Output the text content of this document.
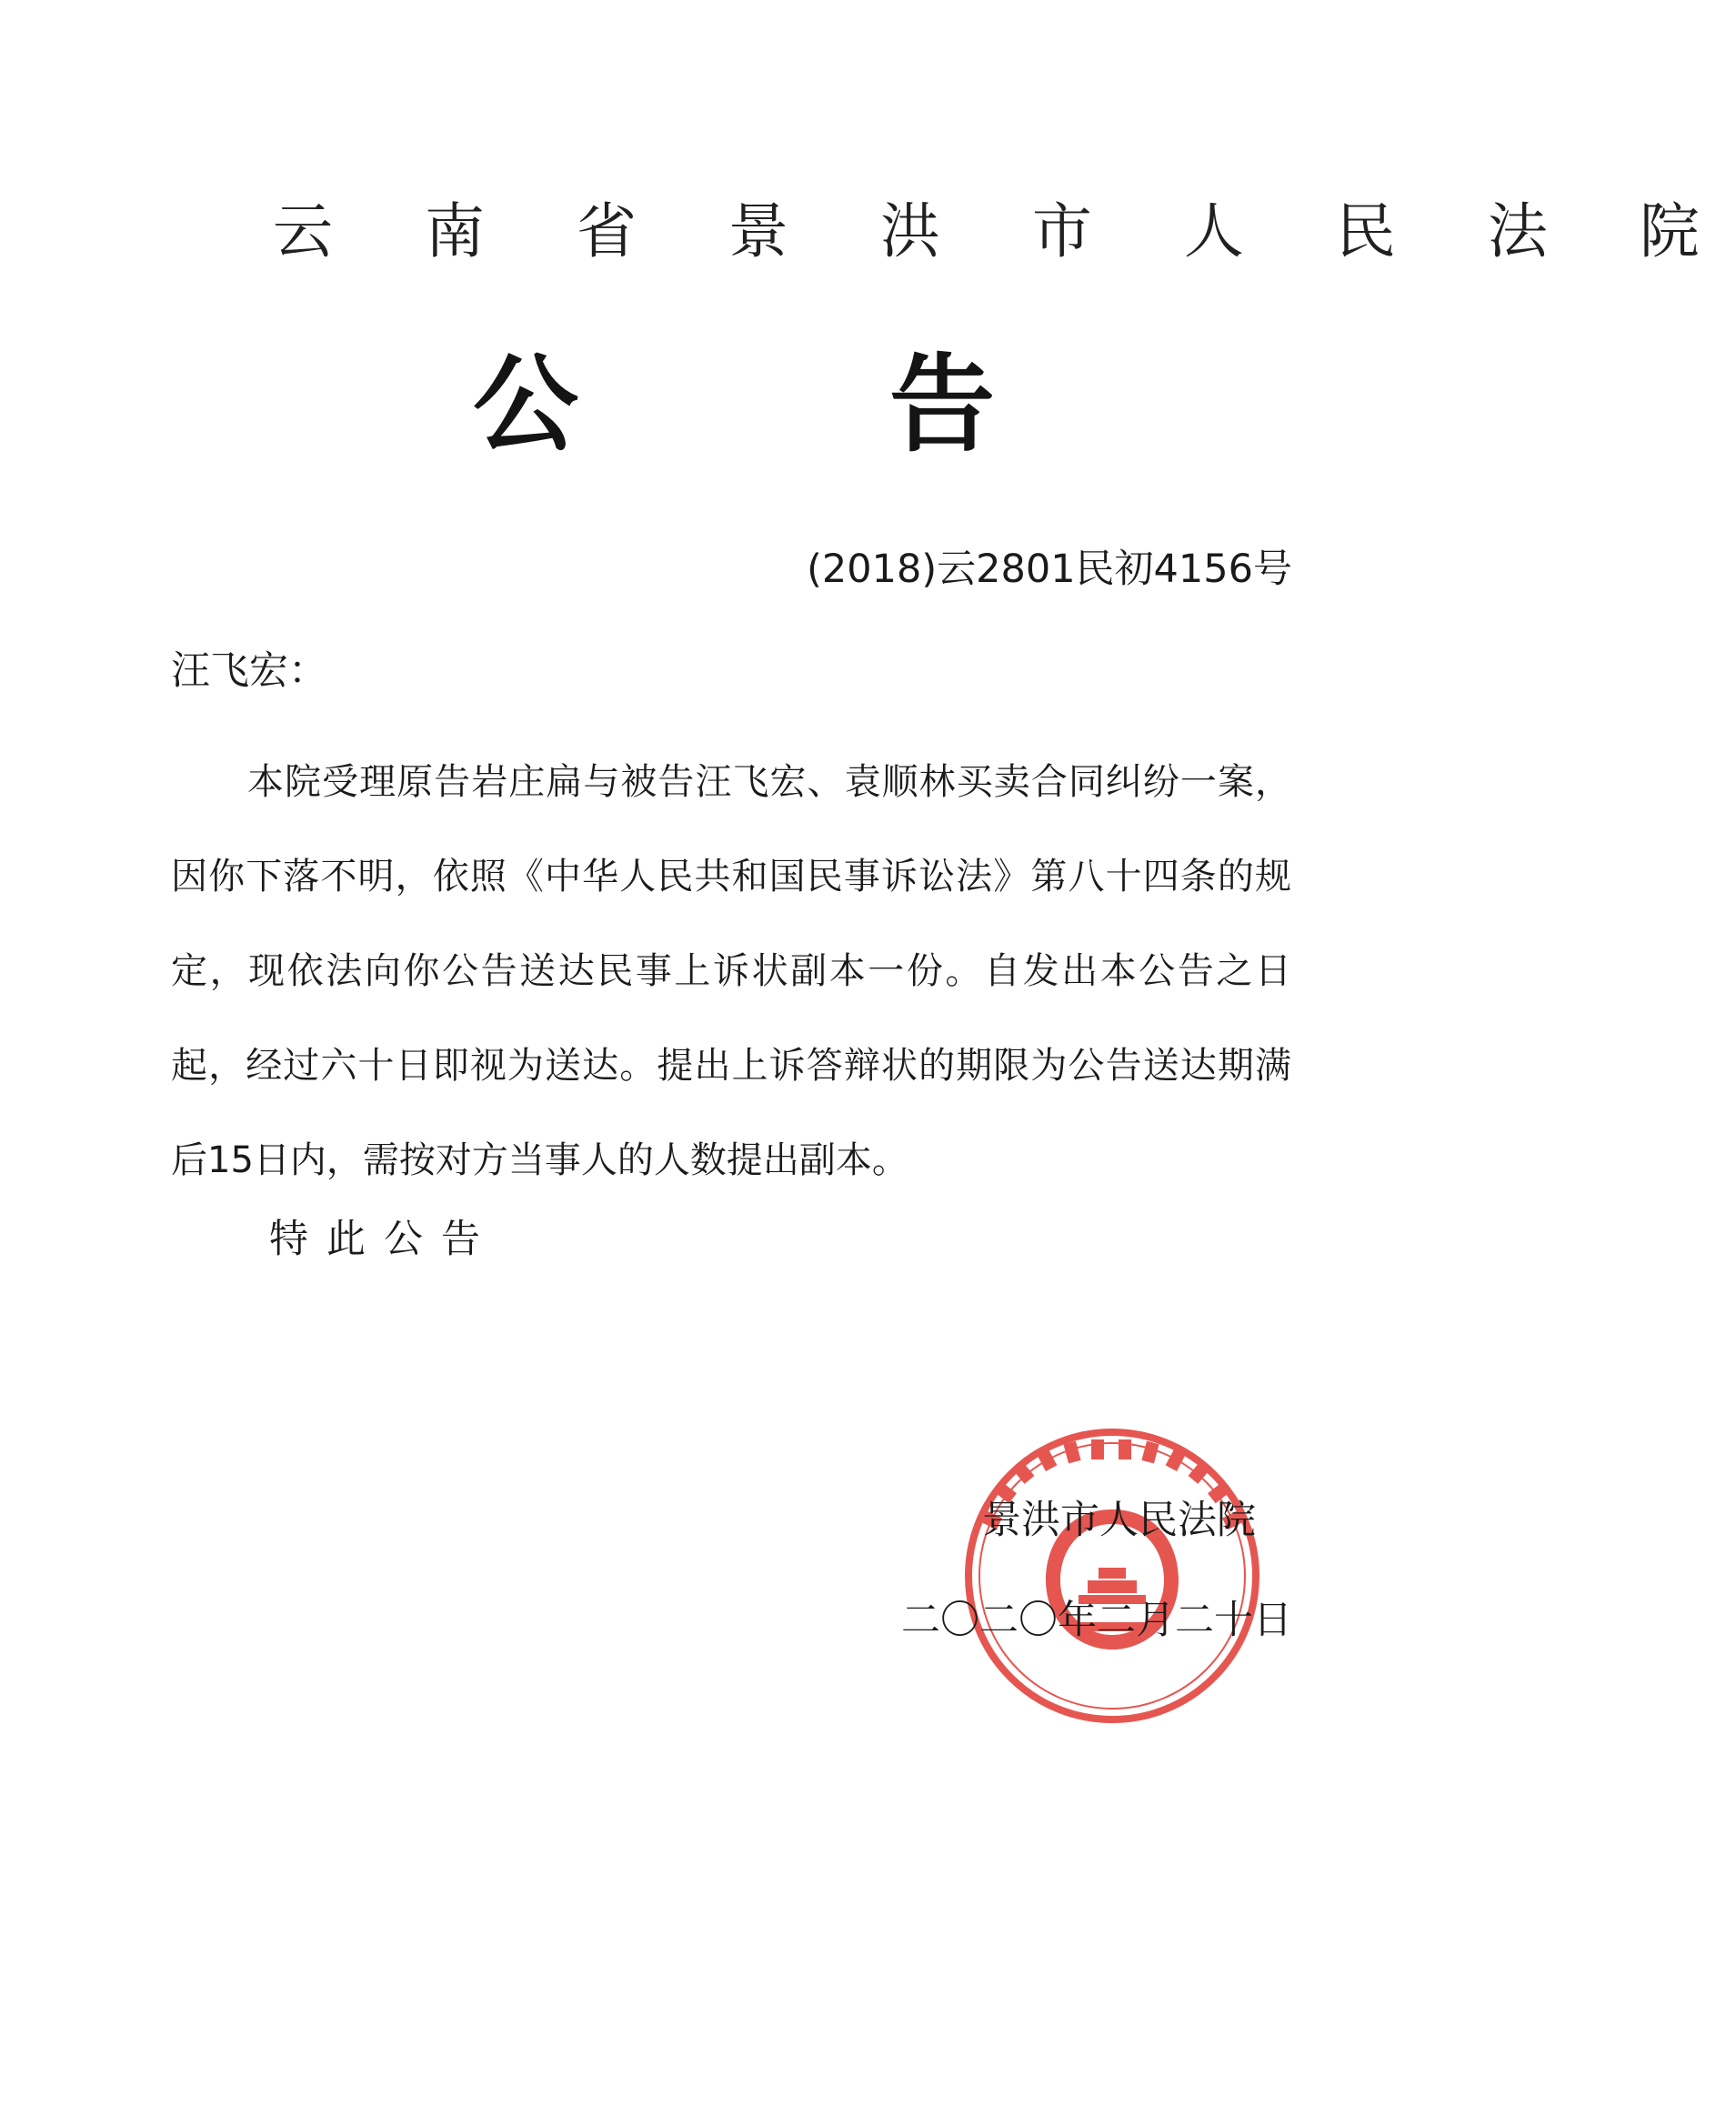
云 南 省 景 洪 市 人 民 法 院
公	告
(2018)云2801民初4156号
汪飞宏：

本院受理原告岩庄扁与被告汪飞宏、袁顺林买卖合同纠纷一案，因你下落不明，依照《中华人民共和国民事诉讼法》第八十四条的规定，现依法向你公告送达民事上诉状副本一份。自发出本公告之日起，经过六十日即视为送达。提出上诉答辩状的期限为公告送达期满后15日内，需按对方当事人的人数提出副本。

特此公告
景洪市人民法院
二〇二〇年二月二十日
